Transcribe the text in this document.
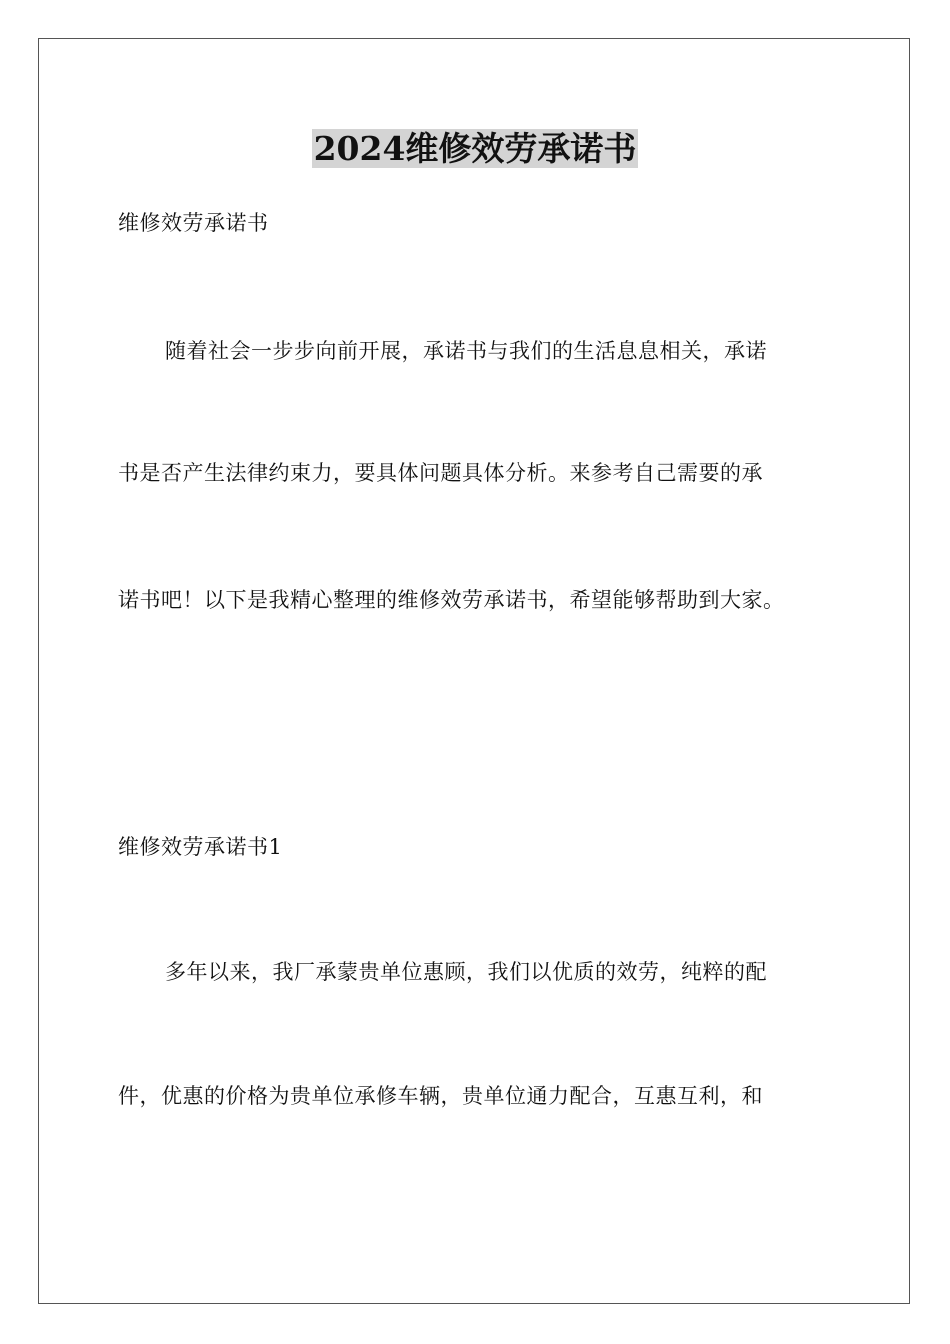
2024维修效劳承诺书
维修效劳承诺书
随着社会一步步向前开展，承诺书与我们的生活息息相关，承诺
书是否产生法律约束力，要具体问题具体分析。来参考自己需要的承
诺书吧！以下是我精心整理的维修效劳承诺书，希望能够帮助到大家。
维修效劳承诺书1
多年以来，我厂承蒙贵单位惠顾，我们以优质的效劳，纯粹的配
件，优惠的价格为贵单位承修车辆，贵单位通力配合，互惠互利，和
